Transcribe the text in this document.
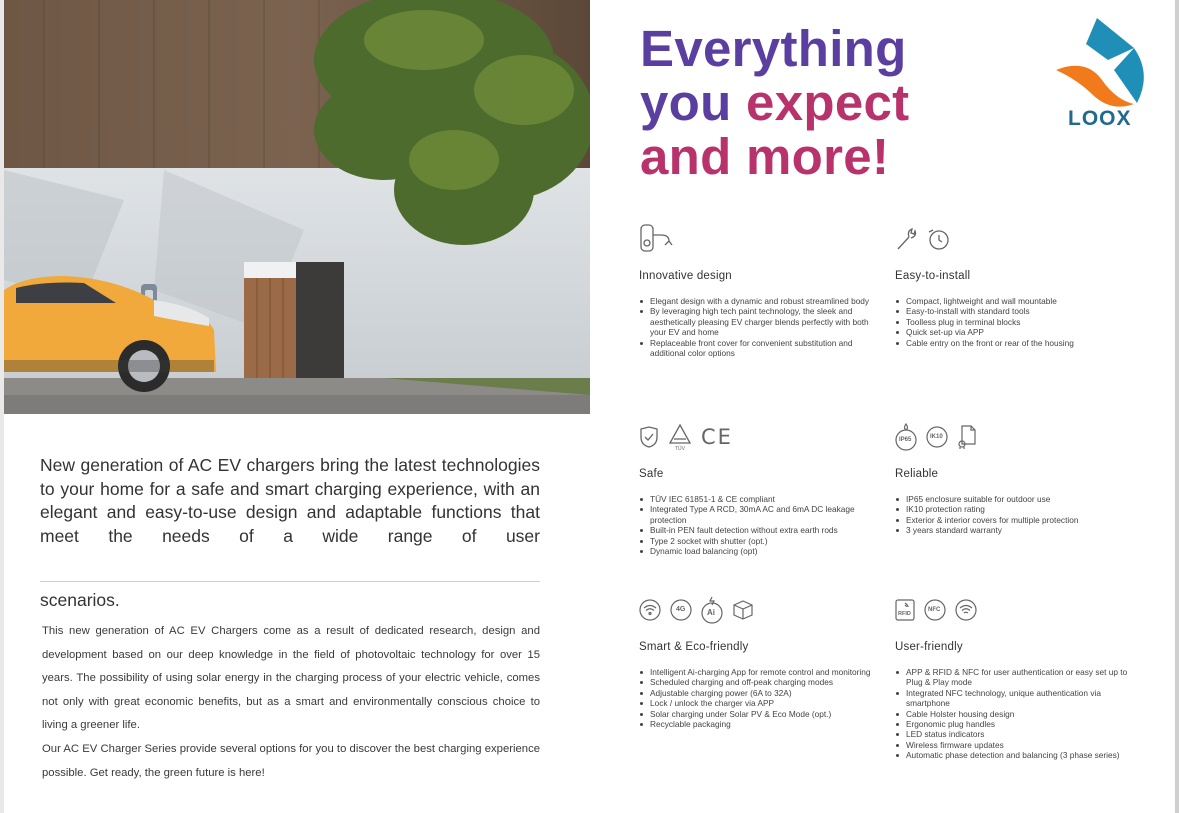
New generation of AC EV chargers bring the latest technologies to your home for a safe and smart charging experience, with an elegant and easy-to-use design and adaptable functions that meet the needs of a wide range of user
scenarios.

This new generation of AC EV Chargers come as a result of dedicated research, design and development based on our deep knowledge in the field of photovoltaic technology for over 15 years. The possibility of using solar energy in the charging process of your electric vehicle, comes not only with great economic benefits, but as a smart and environmentally conscious choice to living a greener life.

Our AC EV Charger Series provide several options for you to discover the best charging experience possible. Get ready, the green future is here!

Everything
you expect
and more!
LOOX
Innovative design
Elegant design with a dynamic and robust streamlined body
By leveraging high tech paint technology, the sleek and aesthetically pleasing EV charger blends perfectly with both your EV and home
Replaceable front cover for convenient substitution and additional color options
Easy-to-install
Compact, lightweight and wall mountable
Easy-to-install with standard tools
Toolless plug in terminal blocks
Quick set-up via APP
Cable entry on the front or rear of the housing
TÜV CE
Safe
TÜV IEC 61851-1 & CE compliant
Integrated Type A RCD, 30mA AC and 6mA DC leakage protection
Built-in PEN fault detection without extra earth rods
Type 2 socket with shutter (opt.)
Dynamic load balancing (opt)
IP65	IK10
Reliable
IP65 enclosure suitable for outdoor use
IK10 protection rating
Exterior & interior covers for multiple protection
3 years standard warranty
4G	Ai
Smart & Eco-friendly
Intelligent Ai-charging App for remote control and monitoring
Scheduled charging and off-peak charging modes
Adjustable charging power (6A to 32A)
Lock / unlock the charger via APP
Solar charging under Solar PV & Eco Mode (opt.)
Recyclable packaging
RFID
NFC
User-friendly
APP & RFID & NFC for user authentication or easy set up to Plug & Play mode
Integrated NFC technology, unique authentication via smartphone
Cable Holster housing design
Ergonomic plug handles
LED status indicators
Wireless firmware updates
Automatic phase detection and balancing (3 phase series)
